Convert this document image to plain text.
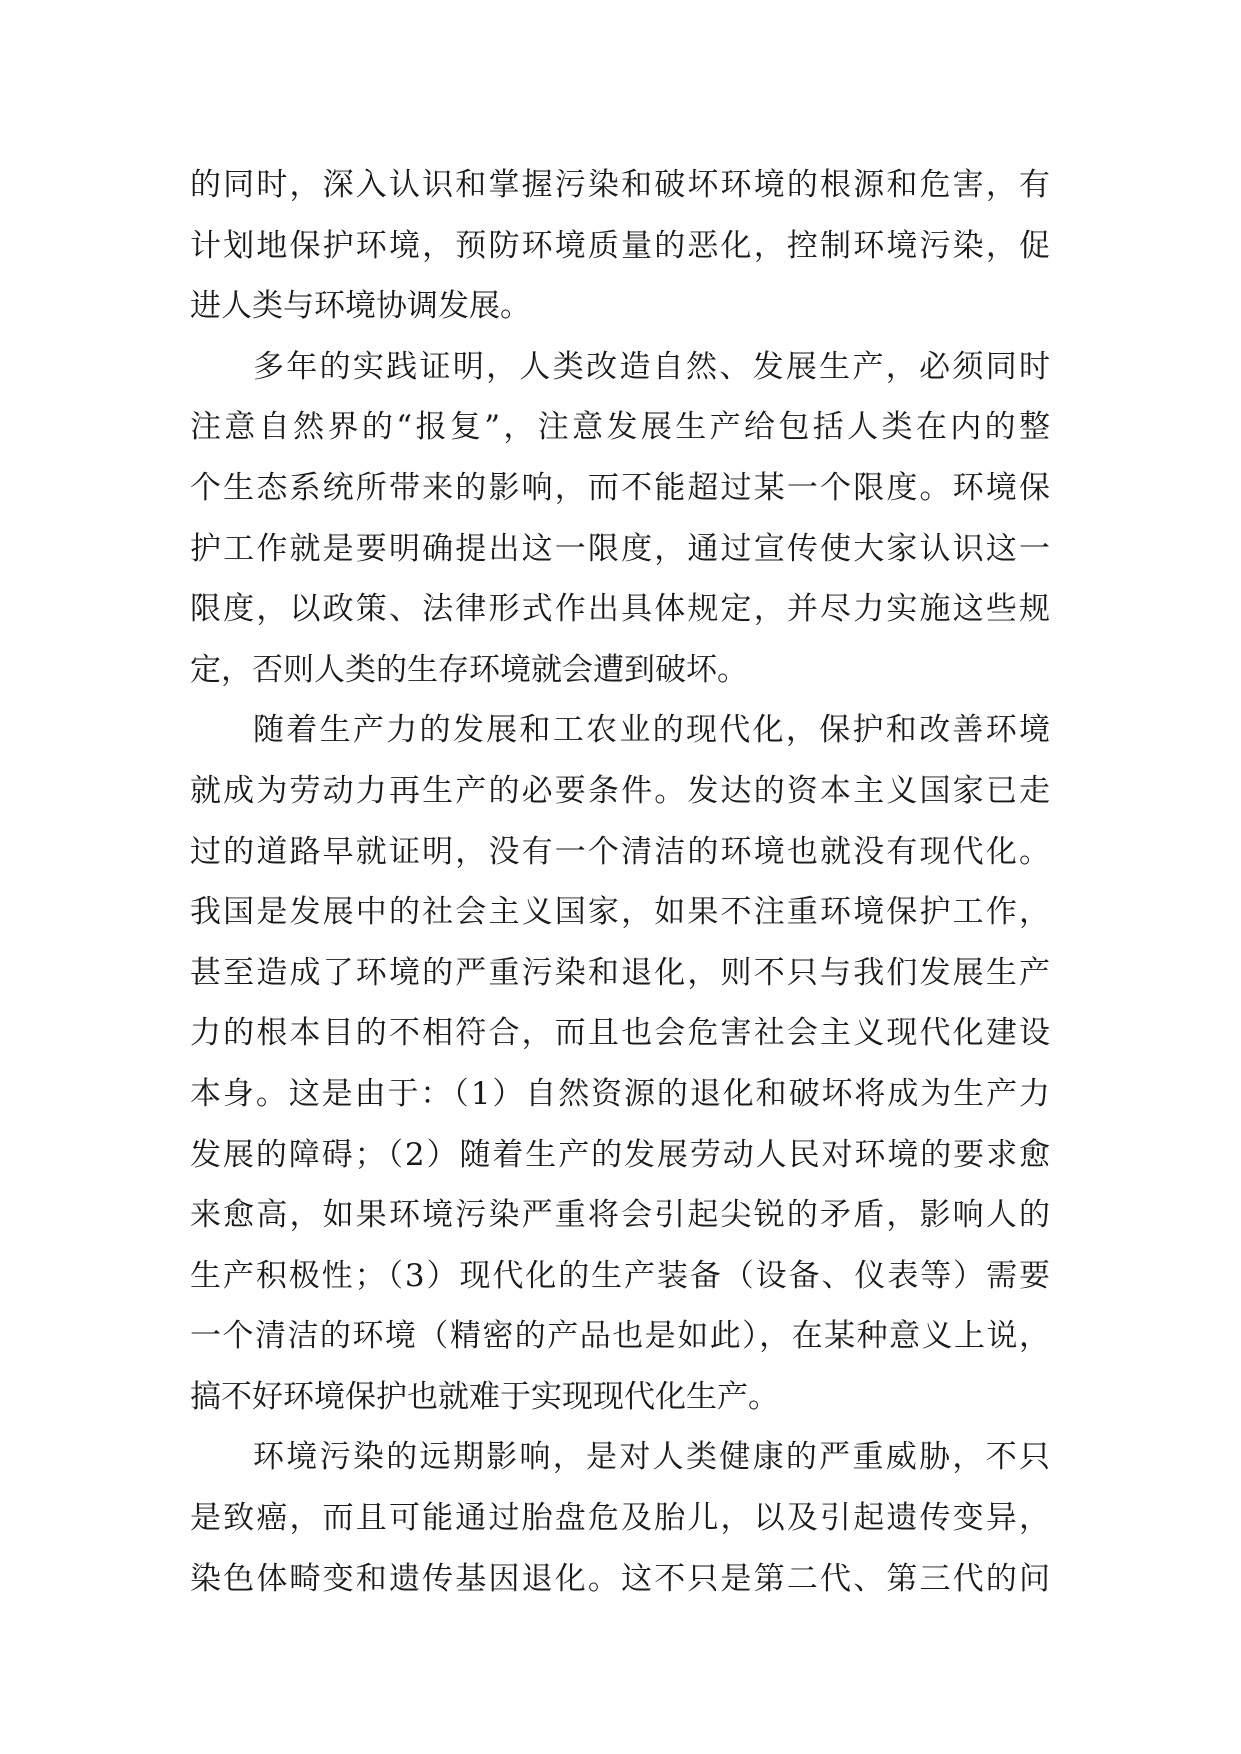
的同时，深入认识和掌握污染和破坏环境的根源和危害，有
计划地保护环境，预防环境质量的恶化，控制环境污染，促
进人类与环境协调发展。
多年的实践证明，人类改造自然、发展生产，必须同时
注意自然界的“报复”，注意发展生产给包括人类在内的整
个生态系统所带来的影响，而不能超过某一个限度。环境保
护工作就是要明确提出这一限度，通过宣传使大家认识这一
限度，以政策、法律形式作出具体规定，并尽力实施这些规
定，否则人类的生存环境就会遭到破坏。
随着生产力的发展和工农业的现代化，保护和改善环境
就成为劳动力再生产的必要条件。发达的资本主义国家已走
过的道路早就证明，没有一个清洁的环境也就没有现代化。
我国是发展中的社会主义国家，如果不注重环境保护工作，
甚至造成了环境的严重污染和退化，则不只与我们发展生产
力的根本目的不相符合，而且也会危害社会主义现代化建设
本身。这是由于：（1）自然资源的退化和破坏将成为生产力
发展的障碍；（2）随着生产的发展劳动人民对环境的要求愈
来愈高，如果环境污染严重将会引起尖锐的矛盾，影响人的
生产积极性；（3）现代化的生产装备（设备、仪表等）需要
一个清洁的环境（精密的产品也是如此），在某种意义上说，
搞不好环境保护也就难于实现现代化生产。
环境污染的远期影响，是对人类健康的严重威胁，不只
是致癌，而且可能通过胎盘危及胎儿，以及引起遗传变异，
染色体畸变和遗传基因退化。这不只是第二代、第三代的问
